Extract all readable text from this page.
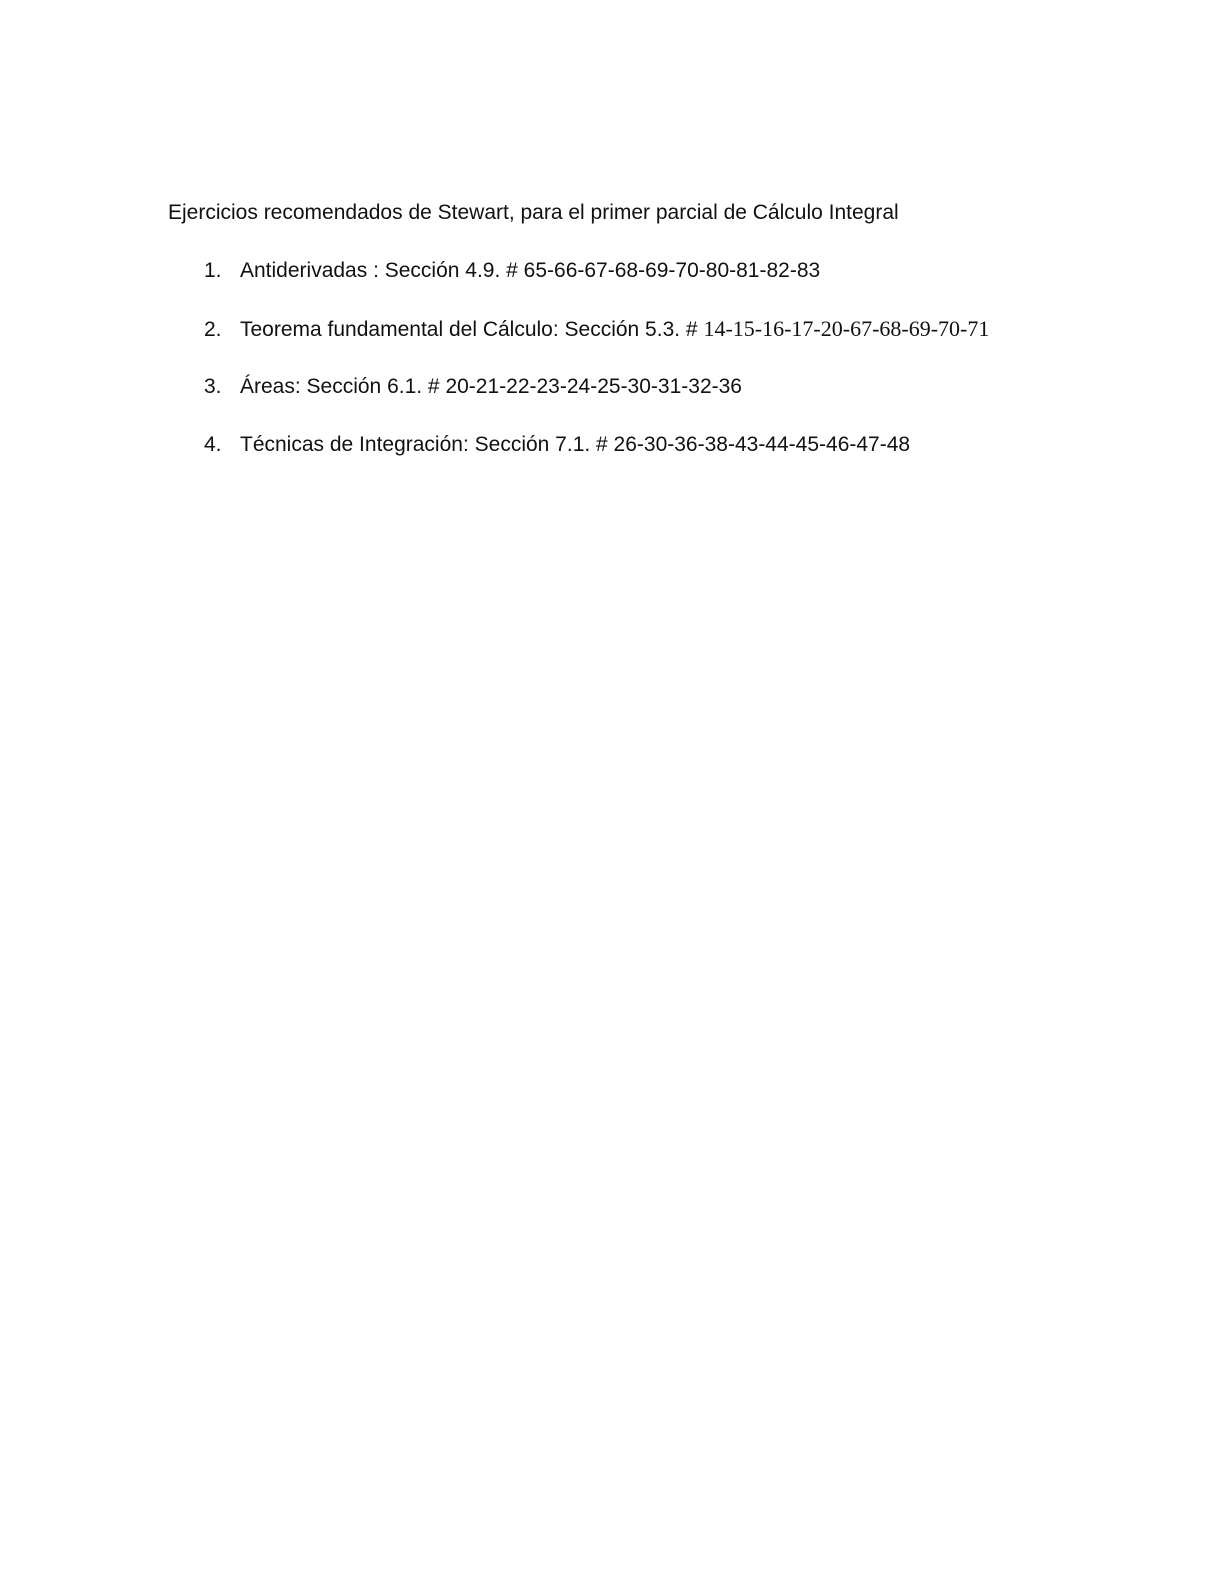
Ejercicios recomendados de Stewart, para el primer parcial de Cálculo Integral
1. Antiderivadas : Sección 4.9. # 65-66-67-68-69-70-80-81-82-83
2. Teorema fundamental del Cálculo: Sección 5.3. # 14-15-16-17-20-67-68-69-70-71
3. Áreas: Sección 6.1. # 20-21-22-23-24-25-30-31-32-36
4. Técnicas de Integración: Sección 7.1. # 26-30-36-38-43-44-45-46-47-48
